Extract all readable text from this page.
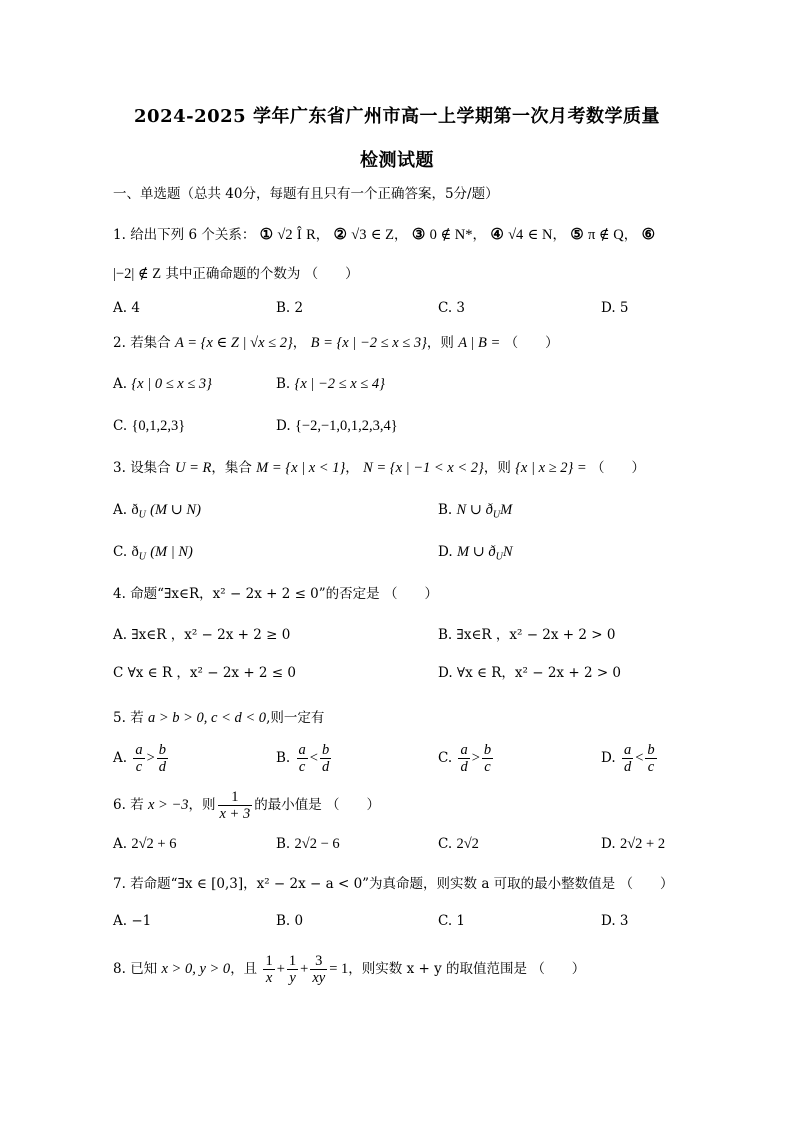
2024-2025 学年广东省广州市高一上学期第一次月考数学质量
检测试题
一、单选题（总共 40分，每题有且只有一个正确答案，5分/题）
1. 给出下列 6 个关系： ① √2 Î R， ② √3 ∈ Z， ③ 0 ∉ N*， ④ √4 ∈ N， ⑤ π ∉ Q， ⑥
|−2| ∉ Z 其中正确命题的个数为 （　　）
A. 4	B. 2	C. 3	D. 5
2. 若集合 A = {x ∈ Z | √x ≤ 2}， B = {x | −2 ≤ x ≤ 3}，则 A | B = （　　）
A. {x | 0 ≤ x ≤ 3}	B. {x | −2 ≤ x ≤ 4}
C. {0,1,2,3}	D. {−2,−1,0,1,2,3,4}
3. 设集合 U = R，集合 M = {x | x < 1}， N = {x | −1 < x < 2}，则 {x | x ≥ 2} = （　　）
A. $ð_U$ (M ∪ N)	B. N ∪ $ð_UM$
C. $ð_U$ (M | N)	D. M ∪ $ð_UN$
4. 命题“∃x∈R，x² − 2x + 2 ≤ 0”的否定是 （　　）
A. ∃x∈R ，x² − 2x + 2 ≥ 0	B. ∃x∈R ，x² − 2x + 2 > 0
C ∀x ∈ R ，x² − 2x + 2 ≤ 0	D. ∀x ∈ R，x² − 2x + 2 > 0
5. 若 a > b > 0, c < d < 0,则一定有
A. $\frac{a}{c} > \frac{b}{d}$	B. $\frac{a}{c} < \frac{b}{d}$	C. $\frac{a}{d} > \frac{b}{c}$	D. $\frac{a}{d} < \frac{b}{c}$
6. 若 x > −3，则 $\frac{1}{x + 3}$ 的最小值是 （　　）
A. 2√2 + 6	B. 2√2 − 6	C. 2√2	D. 2√2 + 2
7. 若命题“∃x ∈ [0,3]，x² − 2x − a < 0”为真命题，则实数 a 可取的最小整数值是 （　　）
A. −1	B. 0	C. 1	D. 3
8. 已知 x > 0, y > 0，且 $\frac{1}{x} + \frac{1}{y} + \frac{3}{xy} = 1$，则实数 x + y 的取值范围是 （　　）
